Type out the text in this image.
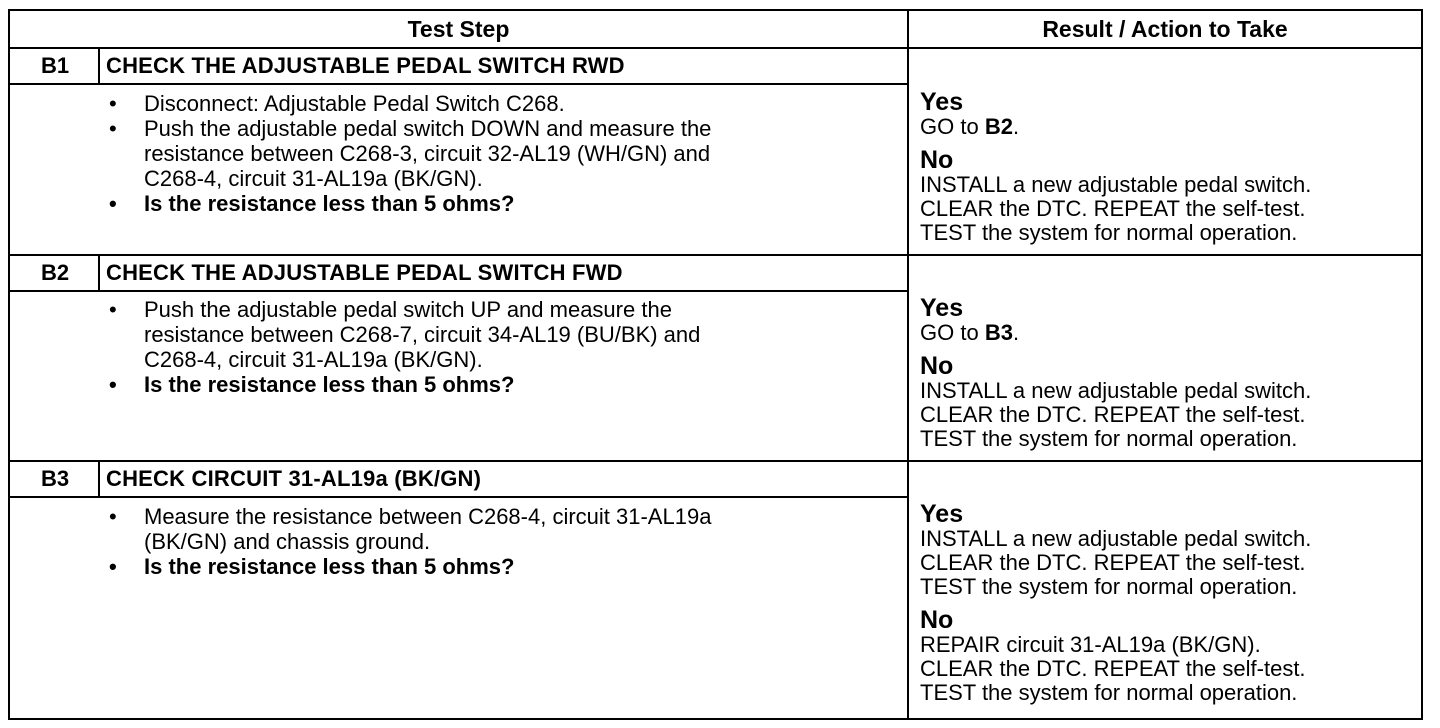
Test Step	Result / Action to Take
B1	CHECK THE ADJUSTABLE PEDAL SWITCH RWD
• Disconnect: Adjustable Pedal Switch C268.
• Push the adjustable pedal switch DOWN and measure the resistance between C268-3, circuit 32-AL19 (WH/GN) and C268-4, circuit 31-AL19a (BK/GN).
• Is the resistance less than 5 ohms?
Yes
GO to B2.
No
INSTALL a new adjustable pedal switch.
CLEAR the DTC. REPEAT the self-test.
TEST the system for normal operation.
B2	CHECK THE ADJUSTABLE PEDAL SWITCH FWD
• Push the adjustable pedal switch UP and measure the resistance between C268-7, circuit 34-AL19 (BU/BK) and C268-4, circuit 31-AL19a (BK/GN).
• Is the resistance less than 5 ohms?
Yes
GO to B3.
No
INSTALL a new adjustable pedal switch.
CLEAR the DTC. REPEAT the self-test.
TEST the system for normal operation.
B3	CHECK CIRCUIT 31-AL19a (BK/GN)
• Measure the resistance between C268-4, circuit 31-AL19a (BK/GN) and chassis ground.
• Is the resistance less than 5 ohms?
Yes
INSTALL a new adjustable pedal switch.
CLEAR the DTC. REPEAT the self-test.
TEST the system for normal operation.
No
REPAIR circuit 31-AL19a (BK/GN).
CLEAR the DTC. REPEAT the self-test.
TEST the system for normal operation.
